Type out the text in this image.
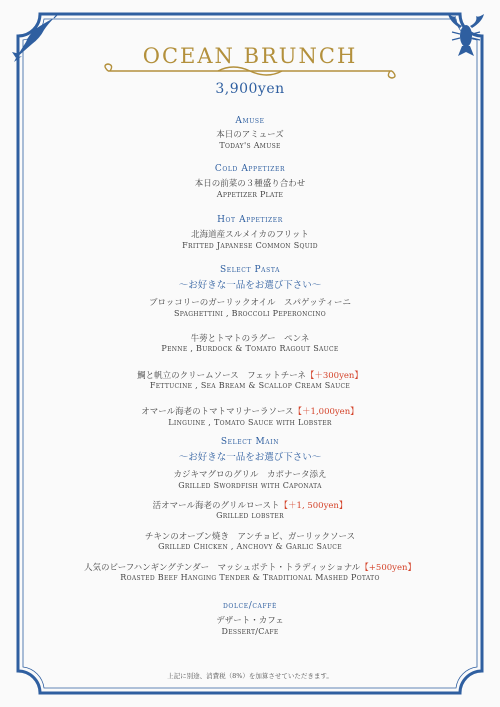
OCEAN BRUNCH
3,900yen
Amuse
本日のアミューズ
Today's Amuse
Cold Appetizer
本日の前菜の３種盛り合わせ
Appetizer Plate
Hot Appetizer
北海道産スルメイカのフリット
Fritted Japanese Common Squid
Select Pasta
〜お好きな一品をお選び下さい〜
ブロッコリーのガーリックオイル　スパゲッティーニ
Spaghettini , Broccoli Peperoncino
牛蒡とトマトのラグー　ペンネ
Penne , Burdock & Tomato Ragout Sauce
鯛と帆立のクリームソース　フェットチーネ【＋300yen】
Fettucine , Sea Bream & Scallop Cream Sauce
オマール海老のトマトマリナーラソース【＋1,000yen】
Linguine , Tomato Sauce with Lobster
Select Main
〜お好きな一品をお選び下さい〜
カジキマグロのグリル　カポナータ添え
Grilled Swordfish with Caponata
活オマール海老のグリルロースト【＋1, 500yen】
Grilled lobster
チキンのオーブン焼き　アンチョビ、ガーリックソース
Grilled Chicken , Anchovy & Garlic Sauce
人気のビーフハンギングテンダー　マッシュポテト・トラディッショナル【+500yen】
Roasted Beef Hanging Tender & Traditional Mashed Potato
dolce/caffè
デザート・カフェ
Dessert/Cafe
上記に別途、消費税（8%）を加算させていただきます。
